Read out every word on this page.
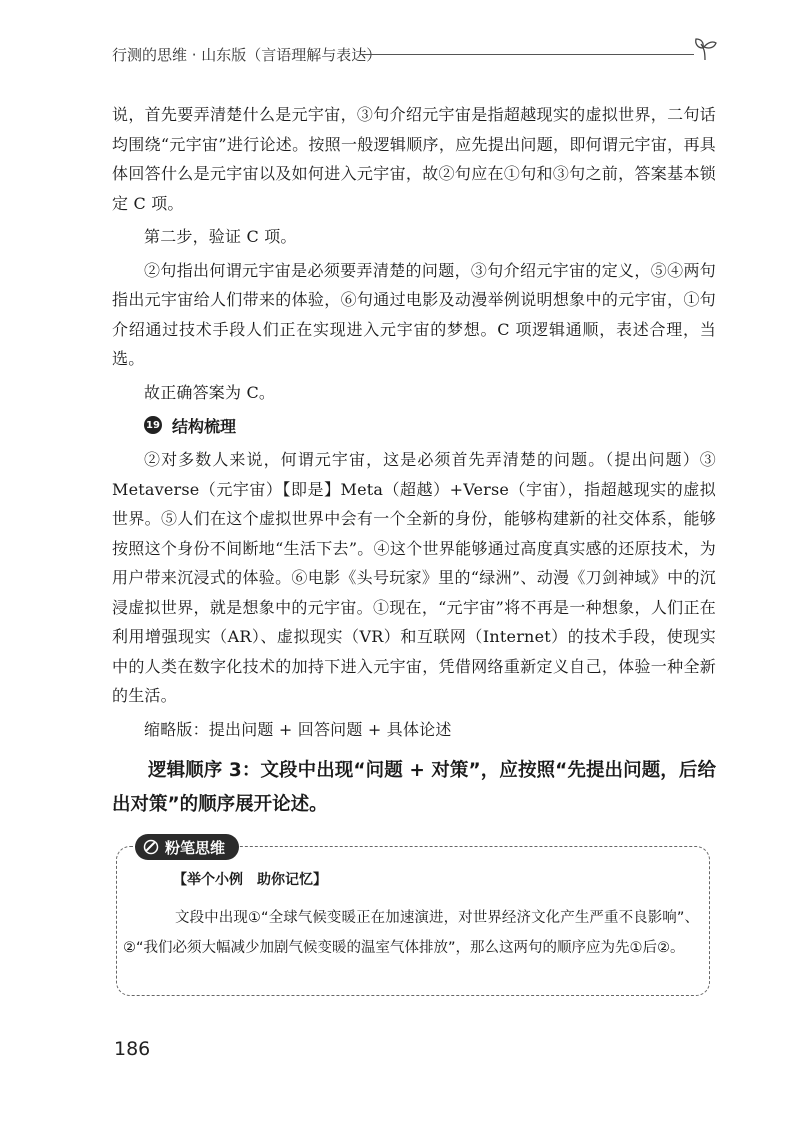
行测的思维 · 山东版（言语理解与表达）

说，首先要弄清楚什么是元宇宙，③句介绍元宇宙是指超越现实的虚拟世界，二句话均围绕“元宇宙”进行论述。按照一般逻辑顺序，应先提出问题，即何谓元宇宙，再具体回答什么是元宇宙以及如何进入元宇宙，故②句应在①句和③句之前，答案基本锁定 C 项。

第二步，验证 C 项。

②句指出何谓元宇宙是必须要弄清楚的问题，③句介绍元宇宙的定义，⑤④两句指出元宇宙给人们带来的体验，⑥句通过电影及动漫举例说明想象中的元宇宙，①句介绍通过技术手段人们正在实现进入元宇宙的梦想。C 项逻辑通顺，表述合理，当选。

故正确答案为 C。

19 结构梳理

②对多数人来说，何谓元宇宙，这是必须首先弄清楚的问题。（提出问题）③ Metaverse（元宇宙）【即是】Meta（超越）+Verse（宇宙），指超越现实的虚拟世界。⑤人们在这个虚拟世界中会有一个全新的身份，能够构建新的社交体系，能够按照这个身份不间断地“生活下去”。④这个世界能够通过高度真实感的还原技术，为用户带来沉浸式的体验。⑥电影《头号玩家》里的“绿洲”、动漫《刀剑神域》中的沉浸虚拟世界，就是想象中的元宇宙。①现在，“元宇宙”将不再是一种想象，人们正在利用增强现实（AR）、虚拟现实（VR）和互联网（Internet）的技术手段，使现实中的人类在数字化技术的加持下进入元宇宙，凭借网络重新定义自己，体验一种全新的生活。

缩略版：提出问题 + 回答问题 + 具体论述

逻辑顺序 3：文段中出现“问题 + 对策”，应按照“先提出问题，后给出对策”的顺序展开论述。

粉笔思维
【举个小例　助你记忆】
文段中出现①“全球气候变暖正在加速演进，对世界经济文化产生严重不良影响”、②“我们必须大幅减少加剧气候变暖的温室气体排放”，那么这两句的顺序应为先①后②。
186
